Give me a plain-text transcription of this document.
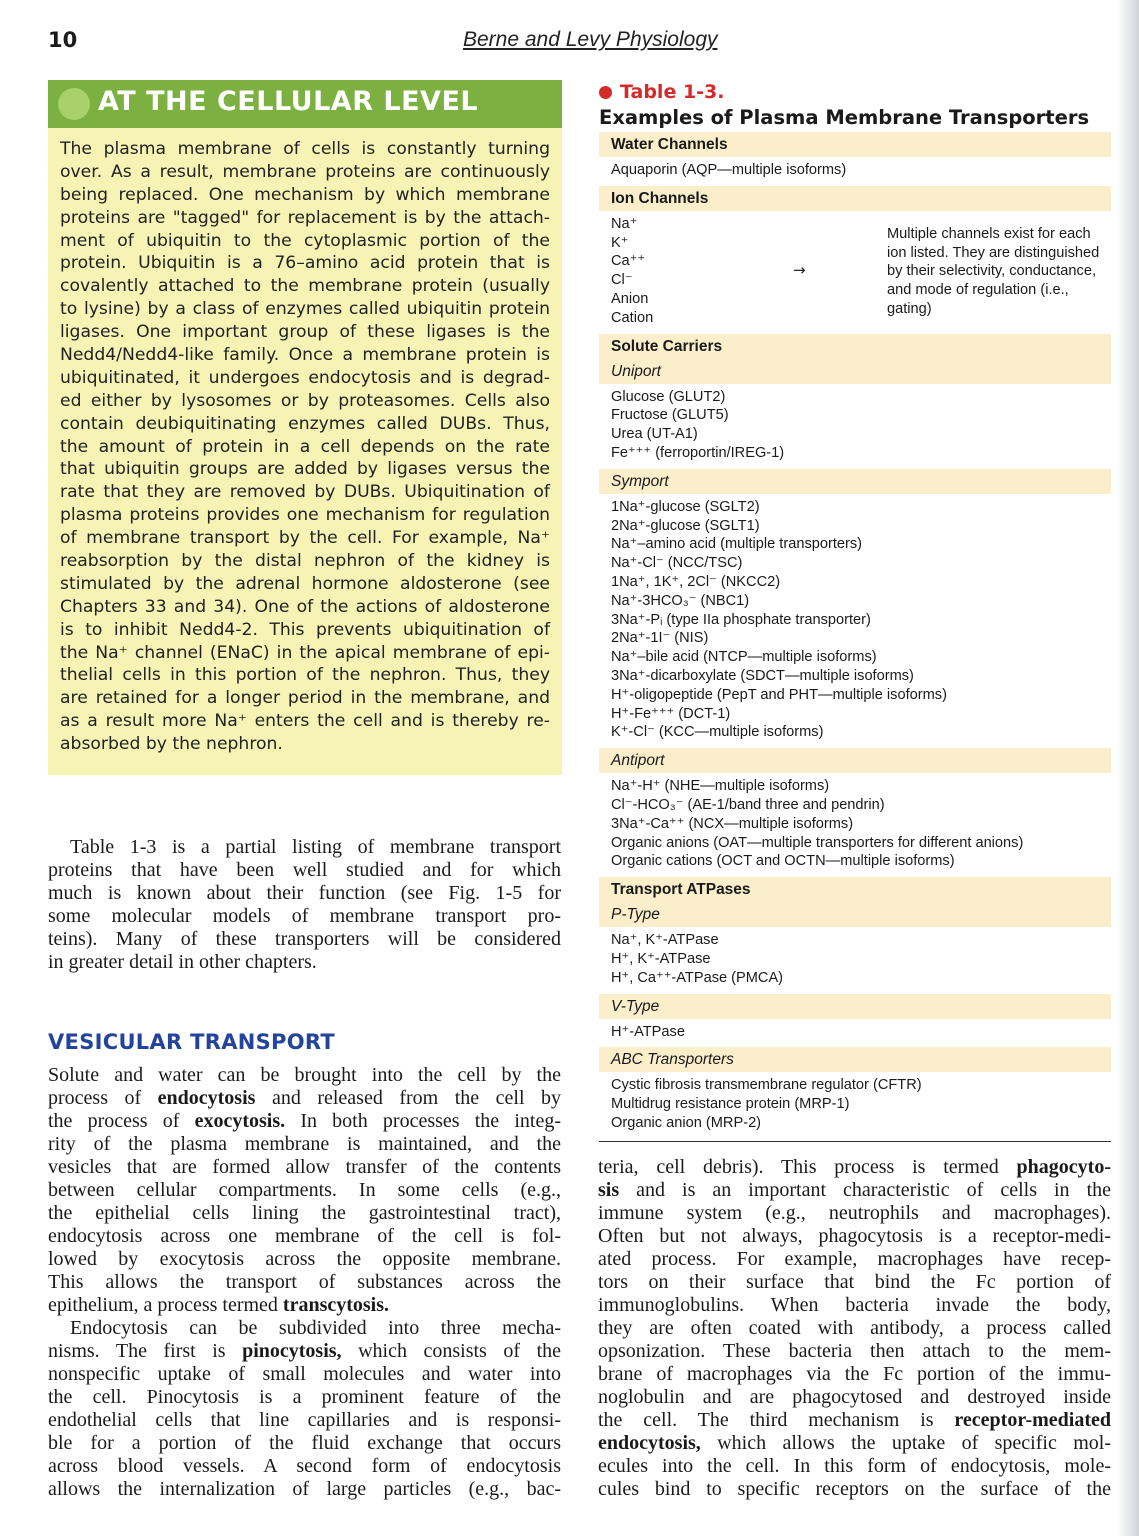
10	Berne and Levy Physiology
AT THE CELLULAR LEVEL
The plasma membrane of cells is constantly turning
over. As a result, membrane proteins are continuously
being replaced. One mechanism by which membrane
proteins are "tagged" for replacement is by the attach-
ment of ubiquitin to the cytoplasmic portion of the
protein. Ubiquitin is a 76–amino acid protein that is
covalently attached to the membrane protein (usually
to lysine) by a class of enzymes called ubiquitin protein
ligases. One important group of these ligases is the
Nedd4/Nedd4-like family. Once a membrane protein is
ubiquitinated, it undergoes endocytosis and is degrad-
ed either by lysosomes or by proteasomes. Cells also
contain deubiquitinating enzymes called DUBs. Thus,
the amount of protein in a cell depends on the rate
that ubiquitin groups are added by ligases versus the
rate that they are removed by DUBs. Ubiquitination of
plasma proteins provides one mechanism for regulation
of membrane transport by the cell. For example, Na⁺
reabsorption by the distal nephron of the kidney is
stimulated by the adrenal hormone aldosterone (see
Chapters 33 and 34). One of the actions of aldosterone
is to inhibit Nedd4-2. This prevents ubiquitination of
the Na⁺ channel (ENaC) in the apical membrane of epi-
thelial cells in this portion of the nephron. Thus, they
are retained for a longer period in the membrane, and
as a result more Na⁺ enters the cell and is thereby re-
absorbed by the nephron.
Table 1-3 is a partial listing of membrane transport
proteins that have been well studied and for which
much is known about their function (see Fig. 1-5 for
some molecular models of membrane transport pro-
teins). Many of these transporters will be considered
in greater detail in other chapters.
VESICULAR TRANSPORT
Solute and water can be brought into the cell by the
process of endocytosis and released from the cell by
the process of exocytosis. In both processes the integ-
rity of the plasma membrane is maintained, and the
vesicles that are formed allow transfer of the contents
between cellular compartments. In some cells (e.g.,
the epithelial cells lining the gastrointestinal tract),
endocytosis across one membrane of the cell is fol-
lowed by exocytosis across the opposite membrane.
This allows the transport of substances across the
epithelium, a process termed transcytosis.
Endocytosis can be subdivided into three mecha-
nisms. The first is pinocytosis, which consists of the
nonspecific uptake of small molecules and water into
the cell. Pinocytosis is a prominent feature of the
endothelial cells that line capillaries and is responsi-
ble for a portion of the fluid exchange that occurs
across blood vessels. A second form of endocytosis
allows the internalization of large particles (e.g., bac-
teria, cell debris). This process is termed phagocyto-
sis and is an important characteristic of cells in the
immune system (e.g., neutrophils and macrophages).
Often but not always, phagocytosis is a receptor-medi-
ated process. For example, macrophages have recep-
tors on their surface that bind the Fc portion of
immunoglobulins. When bacteria invade the body,
they are often coated with antibody, a process called
opsonization. These bacteria then attach to the mem-
brane of macrophages via the Fc portion of the immu-
noglobulin and are phagocytosed and destroyed inside
the cell. The third mechanism is receptor-mediated
endocytosis, which allows the uptake of specific mol-
ecules into the cell. In this form of endocytosis, mole-
cules bind to specific receptors on the surface of the
Table 1-3.
Examples of Plasma Membrane Transporters
Water Channels
Aquaporin (AQP—multiple isoforms)
Ion Channels
Na⁺
K⁺
Ca⁺⁺
Cl⁻
Anion
Cation
→
Multiple channels exist for each ion listed. They are distinguished by their selectivity, conductance, and mode of regulation (i.e., gating)
Solute Carriers
Uniport
Glucose (GLUT2)
Fructose (GLUT5)
Urea (UT-A1)
Fe⁺⁺⁺ (ferroportin/IREG-1)
Symport
1Na⁺-glucose (SGLT2)
2Na⁺-glucose (SGLT1)
Na⁺–amino acid (multiple transporters)
Na⁺-Cl⁻ (NCC/TSC)
1Na⁺, 1K⁺, 2Cl⁻ (NKCC2)
Na⁺-3HCO₃⁻ (NBC1)
3Na⁺-Pᵢ (type IIa phosphate transporter)
2Na⁺-1I⁻ (NIS)
Na⁺–bile acid (NTCP—multiple isoforms)
3Na⁺-dicarboxylate (SDCT—multiple isoforms)
H⁺-oligopeptide (PepT and PHT—multiple isoforms)
H⁺-Fe⁺⁺⁺ (DCT-1)
K⁺-Cl⁻ (KCC—multiple isoforms)
Antiport
Na⁺-H⁺ (NHE—multiple isoforms)
Cl⁻-HCO₃⁻ (AE-1/band three and pendrin)
3Na⁺-Ca⁺⁺ (NCX—multiple isoforms)
Organic anions (OAT—multiple transporters for different anions)
Organic cations (OCT and OCTN—multiple isoforms)
Transport ATPases
P-Type
Na⁺, K⁺-ATPase
H⁺, K⁺-ATPase
H⁺, Ca⁺⁺-ATPase (PMCA)
V-Type
H⁺-ATPase
ABC Transporters
Cystic fibrosis transmembrane regulator (CFTR)
Multidrug resistance protein (MRP-1)
Organic anion (MRP-2)
